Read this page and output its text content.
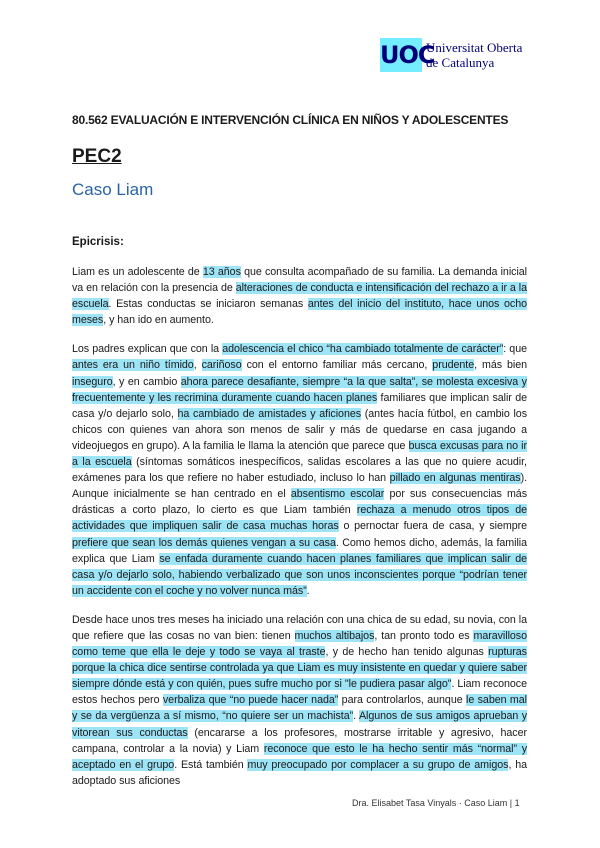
UOC
Universitat Oberta
de Catalunya
80.562 EVALUACIÓN E INTERVENCIÓN CLÍNICA EN NIÑOS Y ADOLESCENTES
PEC2
Caso Liam
Epicrisis:

Liam es un adolescente de 13 años que consulta acompañado de su familia. La demanda inicial va en relación con la presencia de alteraciones de conducta e intensificación del rechazo a ir a la escuela. Estas conductas se iniciaron semanas antes del inicio del instituto, hace unos ocho meses, y han ido en aumento.

Los padres explican que con la adolescencia el chico “ha cambiado totalmente de carácter”: que antes era un niño tímido, cariñoso con el entorno familiar más cercano, prudente, más bien inseguro, y en cambio ahora parece desafiante, siempre “a la que salta”, se molesta excesiva y frecuentemente y les recrimina duramente cuando hacen planes familiares que implican salir de casa y/o dejarlo solo, ha cambiado de amistades y aficiones (antes hacía fútbol, en cambio los chicos con quienes van ahora son menos de salir y más de quedarse en casa jugando a videojuegos en grupo). A la familia le llama la atención que parece que busca excusas para no ir a la escuela (síntomas somáticos inespecíficos, salidas escolares a las que no quiere acudir, exámenes para los que refiere no haber estudiado, incluso lo han pillado en algunas mentiras). Aunque inicialmente se han centrado en el absentismo escolar por sus consecuencias más drásticas a corto plazo, lo cierto es que Liam también rechaza a menudo otros tipos de actividades que impliquen salir de casa muchas horas o pernoctar fuera de casa, y siempre prefiere que sean los demás quienes vengan a su casa. Como hemos dicho, además, la familia explica que Liam se enfada duramente cuando hacen planes familiares que implican salir de casa y/o dejarlo solo, habiendo verbalizado que son unos inconscientes porque “podrían tener un accidente con el coche y no volver nunca más”.

Desde hace unos tres meses ha iniciado una relación con una chica de su edad, su novia, con la que refiere que las cosas no van bien: tienen muchos altibajos, tan pronto todo es maravilloso como teme que ella le deje y todo se vaya al traste, y de hecho han tenido algunas rupturas porque la chica dice sentirse controlada ya que Liam es muy insistente en quedar y quiere saber siempre dónde está y con quién, pues sufre mucho por si "le pudiera pasar algo". Liam reconoce estos hechos pero verbaliza que “no puede hacer nada” para controlarlos, aunque le saben mal y se da vergüenza a sí mismo, “no quiere ser un machista”. Algunos de sus amigos aprueban y vitorean sus conductas (encararse a los profesores, mostrarse irritable y agresivo, hacer campana, controlar a la novia) y Liam reconoce que esto le ha hecho sentir más “normal” y aceptado en el grupo. Está también muy preocupado por complacer a su grupo de amigos, ha adoptado sus aficiones

Dra. Elisabet Tasa Vinyals · Caso Liam | 1
